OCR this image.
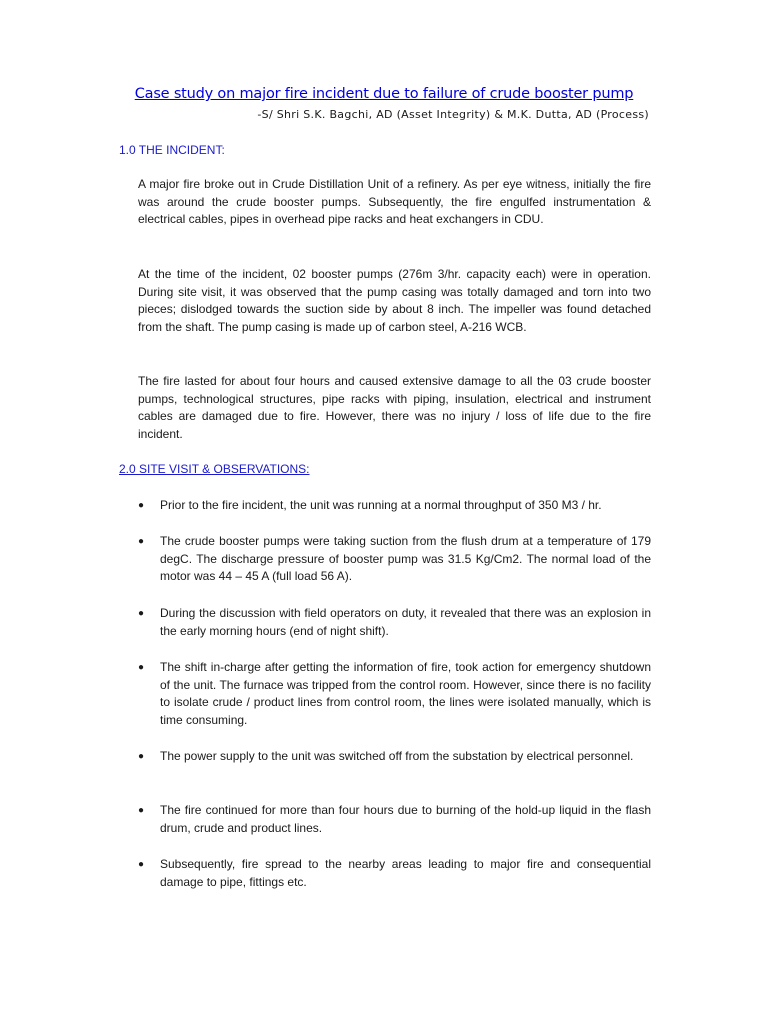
Case study on major fire incident due to failure of crude booster pump
-S/ Shri S.K. Bagchi, AD (Asset Integrity) & M.K. Dutta, AD (Process)
1.0 THE INCIDENT:

A major fire broke out in Crude Distillation Unit of a refinery. As per eye witness, initially the fire was around the crude booster pumps. Subsequently, the fire engulfed instrumentation & electrical cables, pipes in overhead pipe racks and heat exchangers in CDU.

At the time of the incident, 02 booster pumps (276m 3/hr. capacity each) were in operation. During site visit, it was observed that the pump casing was totally damaged and torn into two pieces; dislodged towards the suction side by about 8 inch. The impeller was found detached from the shaft. The pump casing is made up of carbon steel, A-216 WCB.

The fire lasted for about four hours and caused extensive damage to all the 03 crude booster pumps, technological structures, pipe racks with piping, insulation, electrical and instrument cables are damaged due to fire. However, there was no injury / loss of life due to the fire incident.

2.0 SITE VISIT & OBSERVATIONS:
● Prior to the fire incident, the unit was running at a normal throughput of 350 M3 / hr.
● The crude booster pumps were taking suction from the flush drum at a temperature of 179 degC. The discharge pressure of booster pump was 31.5 Kg/Cm2. The normal load of the motor was 44 – 45 A (full load 56 A).
● During the discussion with field operators on duty, it revealed that there was an explosion in the early morning hours (end of night shift).
● The shift in-charge after getting the information of fire, took action for emergency shutdown of the unit. The furnace was tripped from the control room. However, since there is no facility to isolate crude / product lines from control room, the lines were isolated manually, which is time consuming.
● The power supply to the unit was switched off from the substation by electrical personnel.
● The fire continued for more than four hours due to burning of the hold-up liquid in the flash drum, crude and product lines.
● Subsequently, fire spread to the nearby areas leading to major fire and consequential damage to pipe, fittings etc.
